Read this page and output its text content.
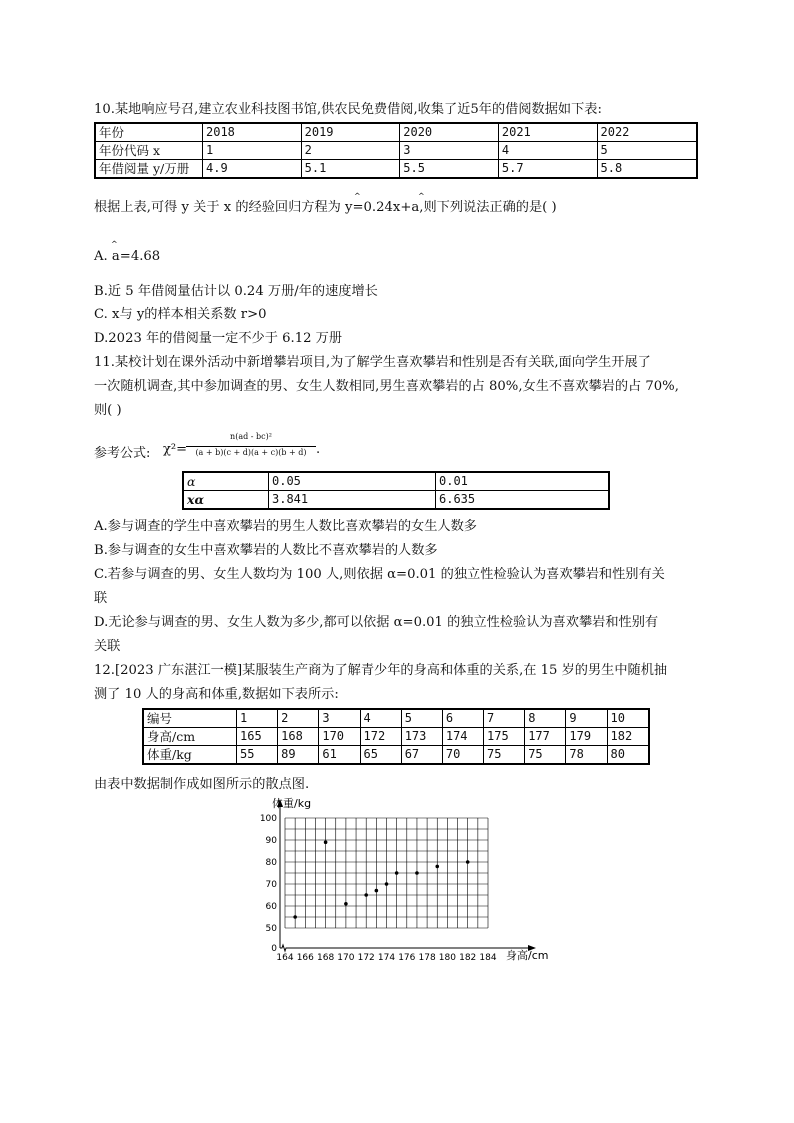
10.某地响应号召,建立农业科技图书馆,供农民免费借阅,收集了近5年的借阅数据如下表:
年份	2018	2019	2020	2021	2022
年份代码 x	1	2	3	4	5
年借阅量 y/万册	4.9	5.1	5.5	5.7	5.8
根据上表,可得 y 关于 x 的经验回归方程为 y=0.24x+a,则下列说法正确的是( )
^	^
^
A. a=4.68
B.近 5 年借阅量估计以 0.24 万册/年的速度增长
C. x与 y的样本相关系数 r>0
D.2023 年的借阅量一定不少于 6.12 万册
11.某校计划在课外活动中新增攀岩项目,为了解学生喜欢攀岩和性别是否有关联,面向学生开展了
一次随机调查,其中参加调查的男、女生人数相同,男生喜欢攀岩的占 80%,女生不喜欢攀岩的占 70%,
则( )
参考公式: χ²=
n(ad - bc)²
(a + b)(c + d)(a + c)(b + d) .
α	0.05	0.01
xα	3.841	6.635
A.参与调查的学生中喜欢攀岩的男生人数比喜欢攀岩的女生人数多
B.参与调查的女生中喜欢攀岩的人数比不喜欢攀岩的人数多
C.若参与调查的男、女生人数均为 100 人,则依据 α=0.01 的独立性检验认为喜欢攀岩和性别有关
联
D.无论参与调查的男、女生人数为多少,都可以依据 α=0.01 的独立性检验认为喜欢攀岩和性别有
关联
12.[2023 广东湛江一模]某服装生产商为了解青少年的身高和体重的关系,在 15 岁的男生中随机抽
测了 10 人的身高和体重,数据如下表所示:
编号	1	2	3	4	5	6	7	8	9	10
身高/cm	165	168	170	172	173	174	175	177	179	182
体重/kg	55	89	61	65	67	70	75	75	78	80
由表中数据制作成如图所示的散点图.
164 166 168 170 172 174 176 178 180 182 184
0
50
60
70
80
90
100
体重/kg
身高/cm
